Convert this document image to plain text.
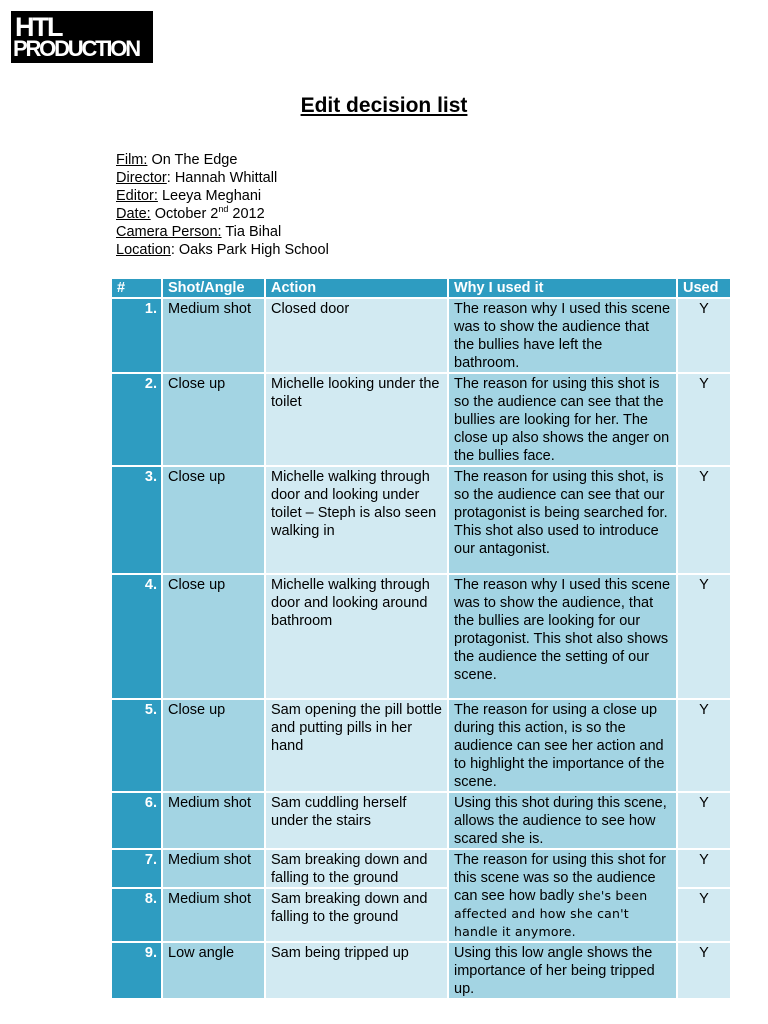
HTL
PRODUCTION
Edit decision list
Film: On The Edge
Director: Hannah Whittall
Editor: Leeya Meghani
Date: October 2nd 2012
Camera Person: Tia Bihal
Location: Oaks Park High School
#	Shot/Angle	Action	Why I used it	Used
1.	Medium shot	Closed door	The reason why I used this scene was to show the audience that the bullies have left the bathroom.	Y
2.	Close up	Michelle looking under the toilet	The reason for using this shot is so the audience can see that the bullies are looking for her. The close up also shows the anger on the bullies face.	Y
3.	Close up	Michelle walking through door and looking under toilet – Steph is also seen walking in	The reason for using this shot, is so the audience can see that our protagonist is being searched for. This shot also used to introduce our antagonist.	Y
4.	Close up	Michelle walking through door and looking around bathroom	The reason why I used this scene was to show the audience, that the bullies are looking for our protagonist. This shot also shows the audience the setting of our scene.	Y
5.	Close up	Sam opening the pill bottle and putting pills in her hand	The reason for using a close up during this action, is so the audience can see her action and to highlight the importance of the scene.	Y
6.	Medium shot	Sam cuddling herself under the stairs	Using this shot during this scene, allows the audience to see how scared she is.	Y
7.	Medium shot	Sam breaking down and falling to the ground	The reason for using this shot for this scene was so the audience can see how badly she's been affected and how she can't handle it anymore.	Y
8.	Medium shot	Sam breaking down and falling to the ground		Y
9.	Low angle	Sam being tripped up	Using this low angle shows the importance of her being tripped up.	Y
